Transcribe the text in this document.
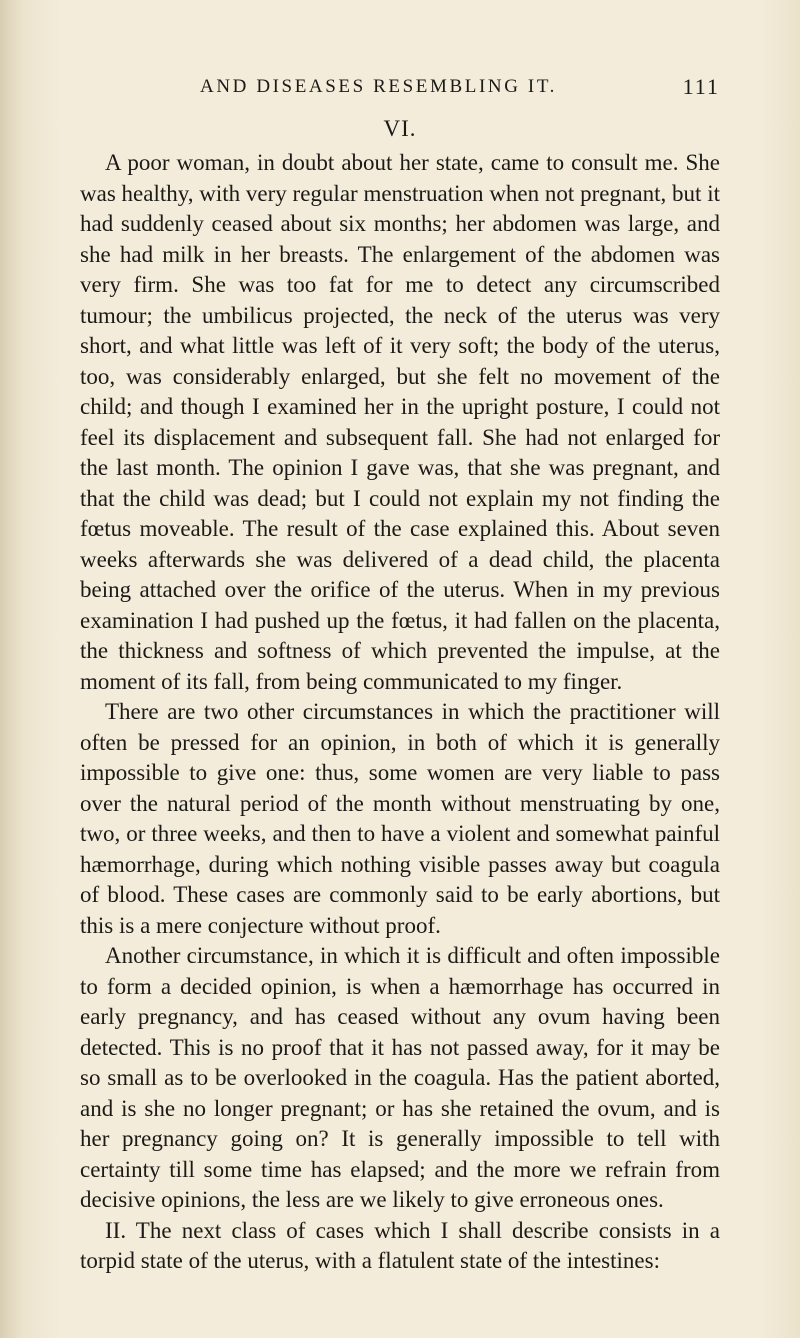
AND DISEASES RESEMBLING IT.	111
VI.

A poor woman, in doubt about her state, came to consult me. She was healthy, with very regular menstruation when not pregnant, but it had suddenly ceased about six months; her abdomen was large, and she had milk in her breasts. The enlargement of the abdomen was very firm. She was too fat for me to detect any circumscribed tumour; the umbilicus projected, the neck of the uterus was very short, and what little was left of it very soft; the body of the uterus, too, was considerably enlarged, but she felt no movement of the child; and though I examined her in the upright posture, I could not feel its displacement and subsequent fall. She had not enlarged for the last month. The opinion I gave was, that she was pregnant, and that the child was dead; but I could not explain my not finding the fœtus moveable. The result of the case explained this. About seven weeks afterwards she was delivered of a dead child, the placenta being attached over the orifice of the uterus. When in my previous examination I had pushed up the fœtus, it had fallen on the placenta, the thickness and softness of which prevented the impulse, at the moment of its fall, from being communicated to my finger.

There are two other circumstances in which the practitioner will often be pressed for an opinion, in both of which it is generally impossible to give one: thus, some women are very liable to pass over the natural period of the month without menstruating by one, two, or three weeks, and then to have a violent and somewhat painful hæmorrhage, during which nothing visible passes away but coagula of blood. These cases are commonly said to be early abortions, but this is a mere conjecture without proof.

Another circumstance, in which it is difficult and often impossible to form a decided opinion, is when a hæmorrhage has occurred in early pregnancy, and has ceased without any ovum having been detected. This is no proof that it has not passed away, for it may be so small as to be overlooked in the coagula. Has the patient aborted, and is she no longer pregnant; or has she retained the ovum, and is her pregnancy going on? It is generally impossible to tell with certainty till some time has elapsed; and the more we refrain from decisive opinions, the less are we likely to give erroneous ones.

II. The next class of cases which I shall describe consists in a torpid state of the uterus, with a flatulent state of the intestines:
